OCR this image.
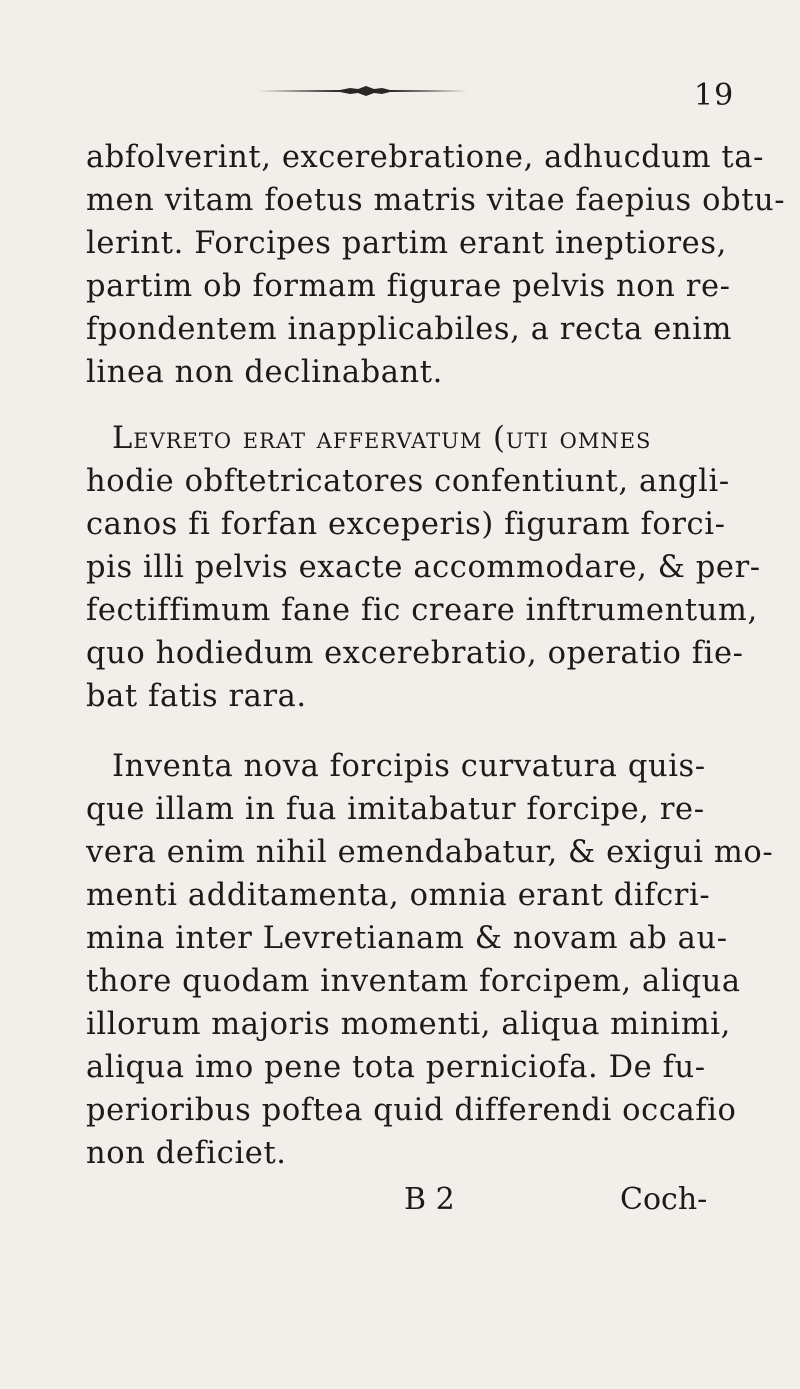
19
abfolverint, excerebratione, adhucdum ta-
men vitam foetus matris vitae faepius obtu-
lerint. Forcipes partim erant ineptiores,
partim ob formam figurae pelvis non re-
fpondentem inapplicabiles, a recta enim
linea non declinabant.
Levreto erat affervatum (uti omnes
hodie obftetricatores confentiunt, angli-
canos fi forfan exceperis) figuram forci-
pis illi pelvis exacte accommodare, & per-
fectiffimum fane fic creare inftrumentum,
quo hodiedum excerebratio, operatio fie-
bat fatis rara.
Inventa nova forcipis curvatura quis-
que illam in fua imitabatur forcipe, re-
vera enim nihil emendabatur, & exigui mo-
menti additamenta, omnia erant difcri-
mina inter Levretianam & novam ab au-
thore quodam inventam forcipem, aliqua
illorum majoris momenti, aliqua minimi,
aliqua imo pene tota perniciofa. De fu-
perioribus poftea quid differendi occafio
non deficiet.
B 2	Coch-
